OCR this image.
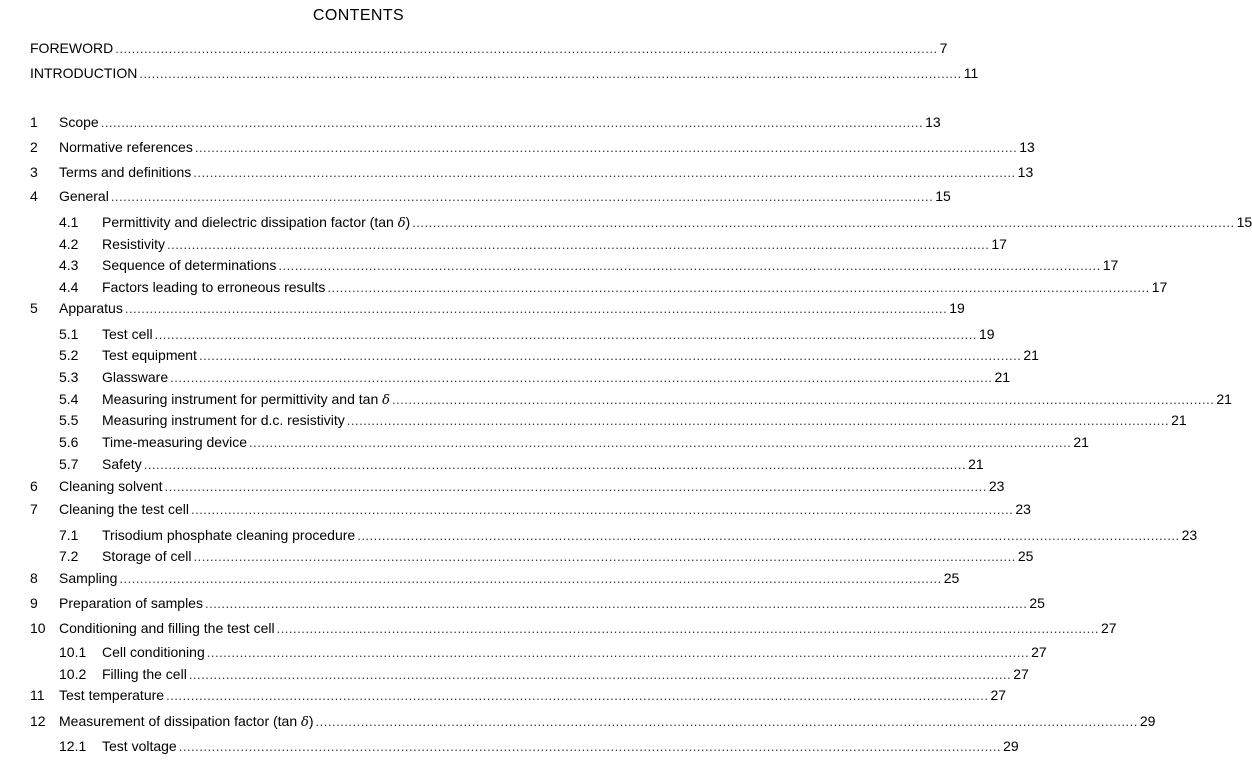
CONTENTS
FOREWORD ........................................................................................................................................................................................................ 7
INTRODUCTION ........................................................................................................................................................................................................ 11
1 Scope ........................................................................................................................................................................................................ 13
2 Normative references ........................................................................................................................................................................................................ 13
3 Terms and definitions ........................................................................................................................................................................................................ 13
4 General ........................................................................................................................................................................................................ 15
4.1 Permittivity and dielectric dissipation factor (tan δ) ........................................................................................................................................................................................................ 15
4.2 Resistivity ........................................................................................................................................................................................................ 17
4.3 Sequence of determinations ........................................................................................................................................................................................................ 17
4.4 Factors leading to erroneous results ........................................................................................................................................................................................................ 17
5 Apparatus ........................................................................................................................................................................................................ 19
5.1 Test cell ........................................................................................................................................................................................................ 19
5.2 Test equipment ........................................................................................................................................................................................................ 21
5.3 Glassware ........................................................................................................................................................................................................ 21
5.4 Measuring instrument for permittivity and tan δ ........................................................................................................................................................................................................ 21
5.5 Measuring instrument for d.c. resistivity ........................................................................................................................................................................................................ 21
5.6 Time-measuring device ........................................................................................................................................................................................................ 21
5.7 Safety ........................................................................................................................................................................................................ 21
6 Cleaning solvent ........................................................................................................................................................................................................ 23
7 Cleaning the test cell ........................................................................................................................................................................................................ 23
7.1 Trisodium phosphate cleaning procedure ........................................................................................................................................................................................................ 23
7.2 Storage of cell ........................................................................................................................................................................................................ 25
8 Sampling ........................................................................................................................................................................................................ 25
9 Preparation of samples ........................................................................................................................................................................................................ 25
10 Conditioning and filling the test cell ........................................................................................................................................................................................................ 27
10.1 Cell conditioning ........................................................................................................................................................................................................ 27
10.2 Filling the cell ........................................................................................................................................................................................................ 27
11 Test temperature ........................................................................................................................................................................................................ 27
12 Measurement of dissipation factor (tan δ) ........................................................................................................................................................................................................ 29
12.1 Test voltage ........................................................................................................................................................................................................ 29
